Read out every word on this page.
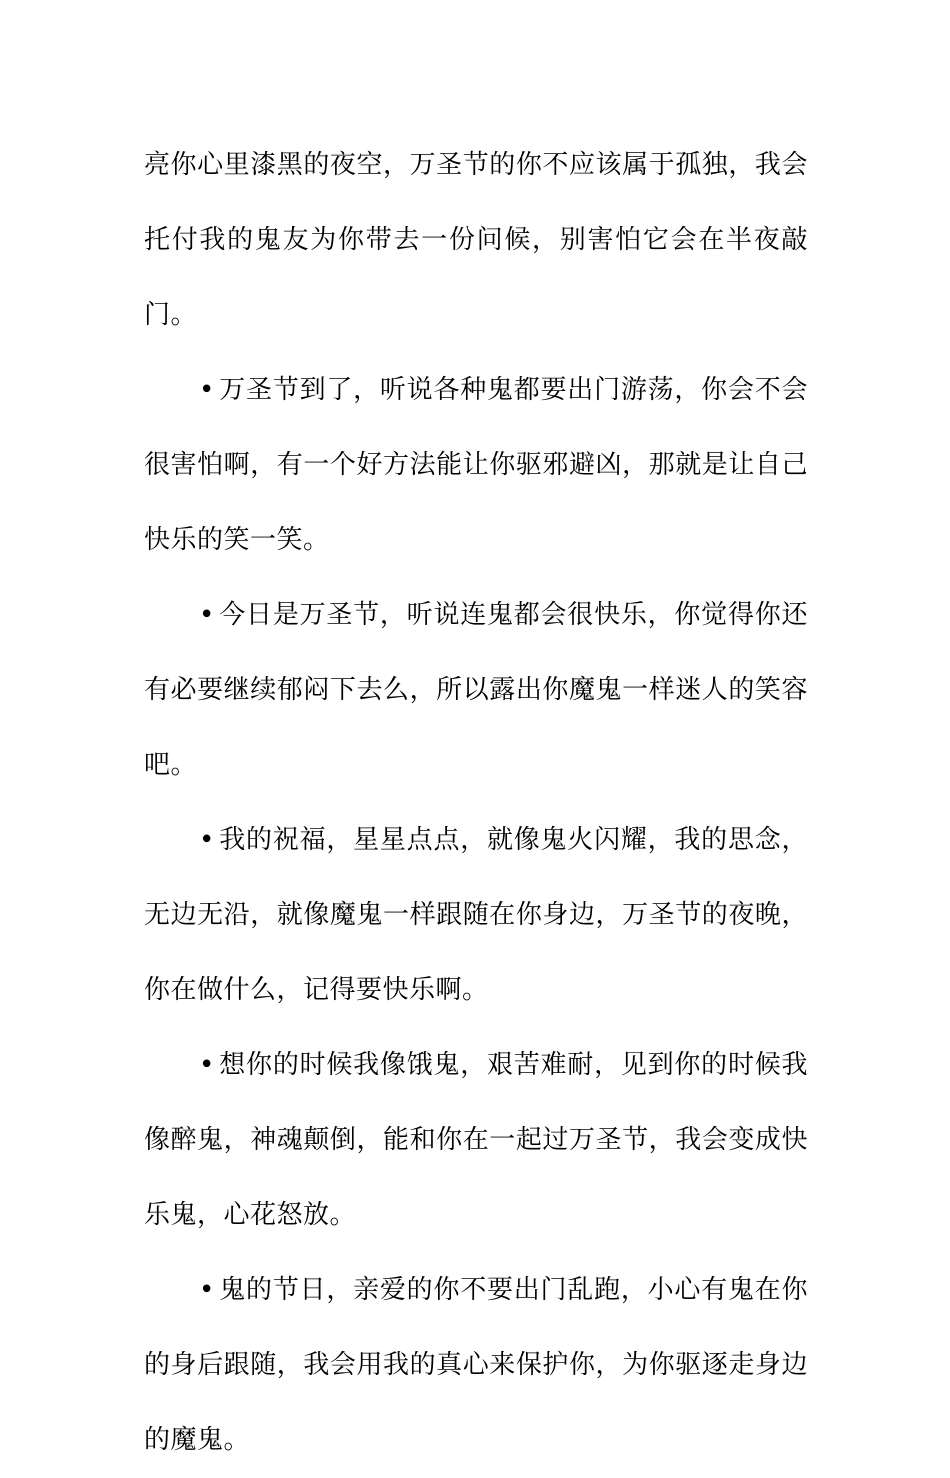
亮你心里漆黑的夜空，万圣节的你不应该属于孤独，我会托付我的鬼友为你带去一份问候，别害怕它会在半夜敲门。

• 万圣节到了，听说各种鬼都要出门游荡，你会不会很害怕啊，有一个好方法能让你驱邪避凶，那就是让自己快乐的笑一笑。

• 今日是万圣节，听说连鬼都会很快乐，你觉得你还有必要继续郁闷下去么，所以露出你魔鬼一样迷人的笑容吧。

• 我的祝福，星星点点，就像鬼火闪耀，我的思念，无边无沿，就像魔鬼一样跟随在你身边，万圣节的夜晚，你在做什么，记得要快乐啊。

• 想你的时候我像饿鬼，艰苦难耐，见到你的时候我像醉鬼，神魂颠倒，能和你在一起过万圣节，我会变成快乐鬼，心花怒放。

• 鬼的节日，亲爱的你不要出门乱跑，小心有鬼在你的身后跟随，我会用我的真心来保护你，为你驱逐走身边的魔鬼。
